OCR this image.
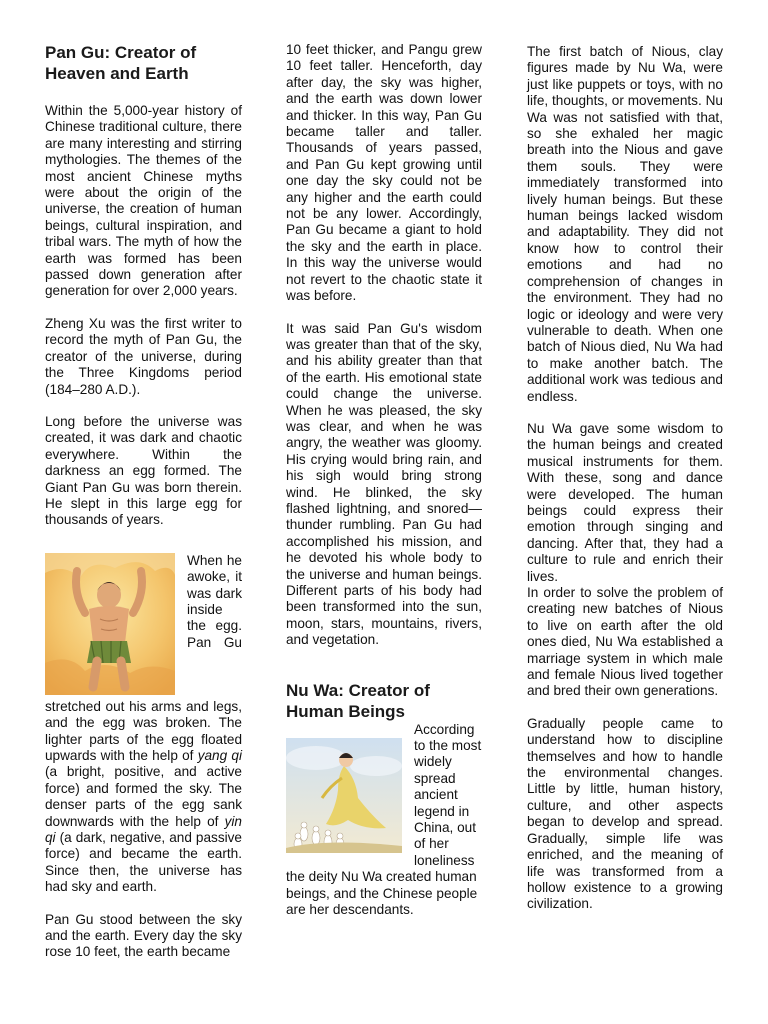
Pan Gu: Creator of
Heaven and Earth

Within the 5,000-year history of Chinese traditional culture, there are many interesting and stirring mythologies. The themes of the most ancient Chinese myths were about the origin of the universe, the creation of human beings, cultural inspiration, and tribal wars. The myth of how the earth was formed has been passed down generation after generation for over 2,000 years.

Zheng Xu was the first writer to record the myth of Pan Gu, the creator of the universe, during the Three Kingdoms period (184–280 A.D.).

Long before the universe was created, it was dark and chaotic everywhere. Within the darkness an egg formed. The Giant Pan Gu was born therein. He slept in this large egg for thousands of years.

When he awoke, it was dark inside the egg. Pan Gu stretched out his arms and legs, and the egg was broken. The lighter parts of the egg floated upwards with the help of yang qi (a bright, positive, and active force) and formed the sky. The denser parts of the egg sank downwards with the help of yin qi (a dark, negative, and passive force) and became the earth. Since then, the universe has had sky and earth.

Pan Gu stood between the sky and the earth. Every day the sky rose 10 feet, the earth became

10 feet thicker, and Pangu grew 10 feet taller. Henceforth, day after day, the sky was higher, and the earth was down lower and thicker. In this way, Pan Gu became taller and taller. Thousands of years passed, and Pan Gu kept growing until one day the sky could not be any higher and the earth could not be any lower. Accordingly, Pan Gu became a giant to hold the sky and the earth in place. In this way the universe would not revert to the chaotic state it was before.

It was said Pan Gu's wisdom was greater than that of the sky, and his ability greater than that of the earth. His emotional state could change the universe. When he was pleased, the sky was clear, and when he was angry, the weather was gloomy. His crying would bring rain, and his sigh would bring strong wind. He blinked, the sky flashed lightning, and snored— thunder rumbling. Pan Gu had accomplished his mission, and he devoted his whole body to the universe and human beings. Different parts of his body had been transformed into the sun, moon, stars, mountains, rivers, and vegetation.

Nu Wa: Creator of
Human Beings

According to the most widely spread ancient legend in China, out of her loneliness the deity Nu Wa created human beings, and the Chinese people are her descendants.

The first batch of Nious, clay figures made by Nu Wa, were just like puppets or toys, with no life, thoughts, or movements. Nu Wa was not satisfied with that, so she exhaled her magic breath into the Nious and gave them souls. They were immediately transformed into lively human beings. But these human beings lacked wisdom and adaptability. They did not know how to control their emotions and had no comprehension of changes in the environment. They had no logic or ideology and were very vulnerable to death. When one batch of Nious died, Nu Wa had to make another batch. The additional work was tedious and endless.

Nu Wa gave some wisdom to the human beings and created musical instruments for them. With these, song and dance were developed. The human beings could express their emotion through singing and dancing. After that, they had a culture to rule and enrich their lives.

In order to solve the problem of creating new batches of Nious to live on earth after the old ones died, Nu Wa established a marriage system in which male and female Nious lived together and bred their own generations.

Gradually people came to understand how to discipline themselves and how to handle the environmental changes. Little by little, human history, culture, and other aspects began to develop and spread. Gradually, simple life was enriched, and the meaning of life was transformed from a hollow existence to a growing civilization.
